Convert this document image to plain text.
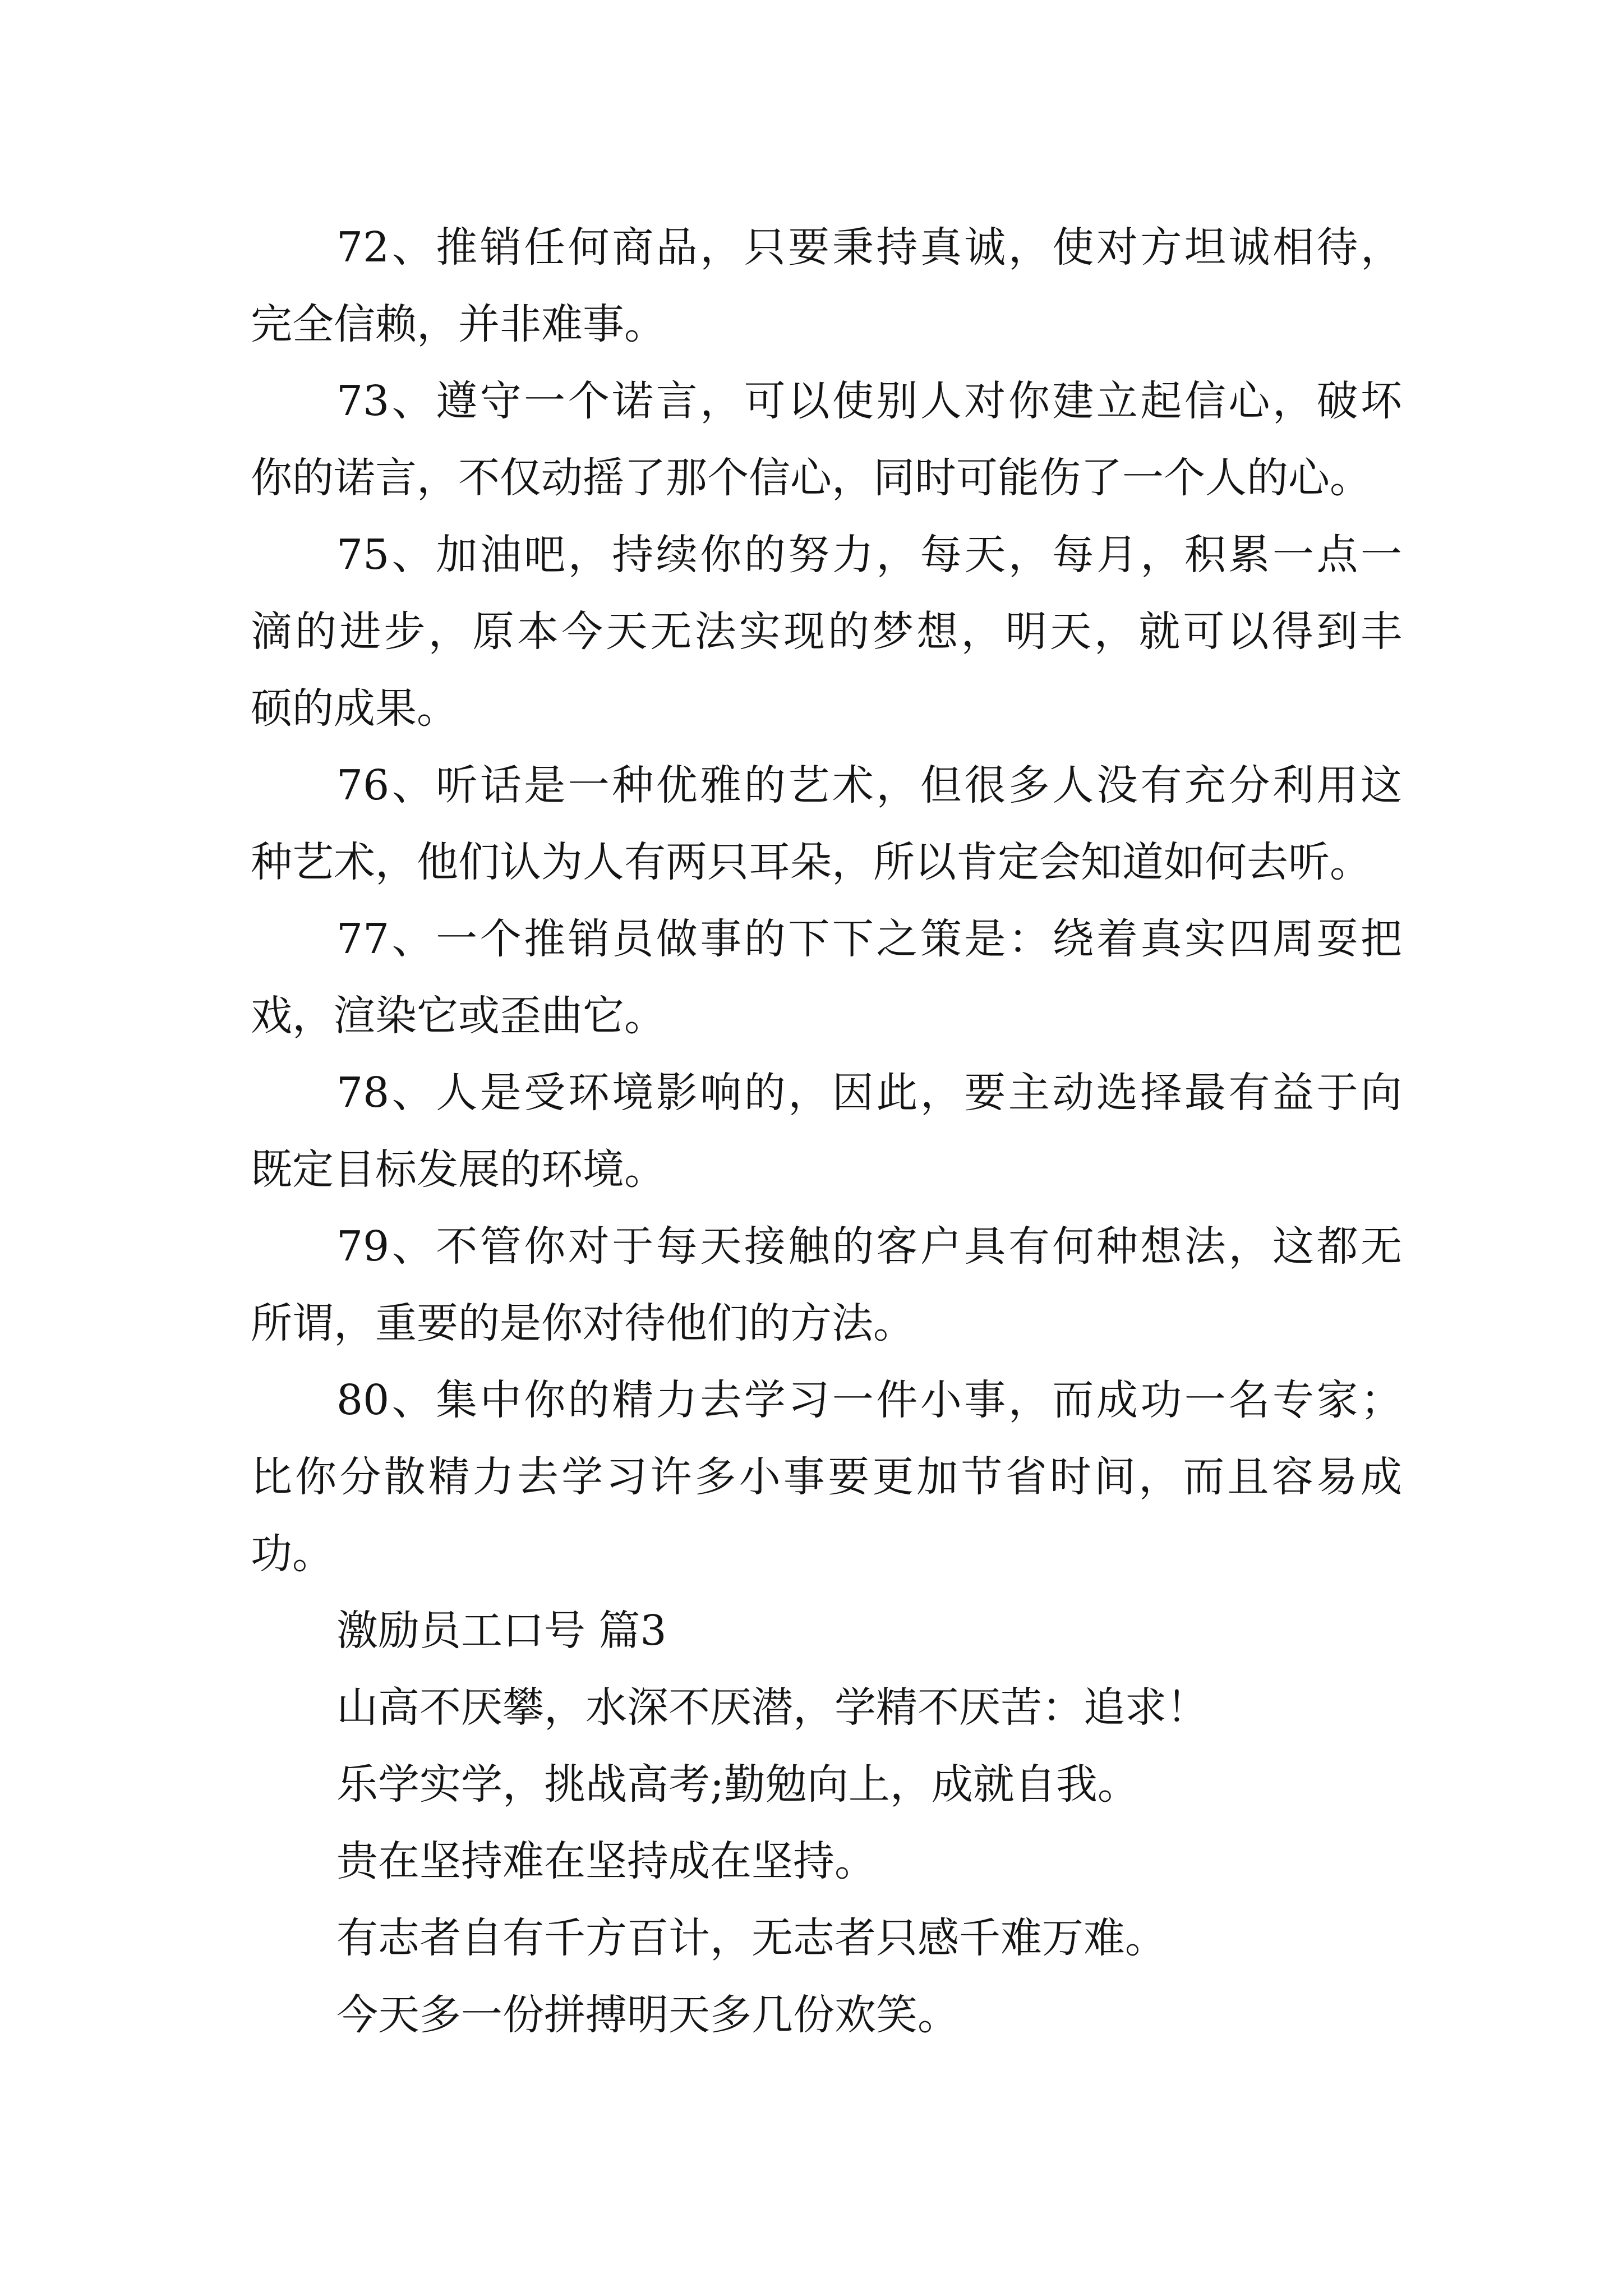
72、推销任何商品，只要秉持真诚，使对方坦诚相待，
完全信赖，并非难事。
73、遵守一个诺言，可以使别人对你建立起信心，破坏
你的诺言，不仅动摇了那个信心，同时可能伤了一个人的心。
75、加油吧，持续你的努力，每天，每月，积累一点一
滴的进步，原本今天无法实现的梦想，明天，就可以得到丰
硕的成果。
76、听话是一种优雅的艺术，但很多人没有充分利用这
种艺术，他们认为人有两只耳朵，所以肯定会知道如何去听。
77、一个推销员做事的下下之策是：绕着真实四周耍把
戏，渲染它或歪曲它。
78、人是受环境影响的，因此，要主动选择最有益于向
既定目标发展的环境。
79、不管你对于每天接触的客户具有何种想法，这都无
所谓，重要的是你对待他们的方法。
80、集中你的精力去学习一件小事，而成功一名专家；
比你分散精力去学习许多小事要更加节省时间，而且容易成
功。
激励员工口号 篇3
山高不厌攀，水深不厌潜，学精不厌苦：追求！
乐学实学，挑战高考;勤勉向上，成就自我。
贵在坚持难在坚持成在坚持。
有志者自有千方百计，无志者只感千难万难。
今天多一份拼搏明天多几份欢笑。
